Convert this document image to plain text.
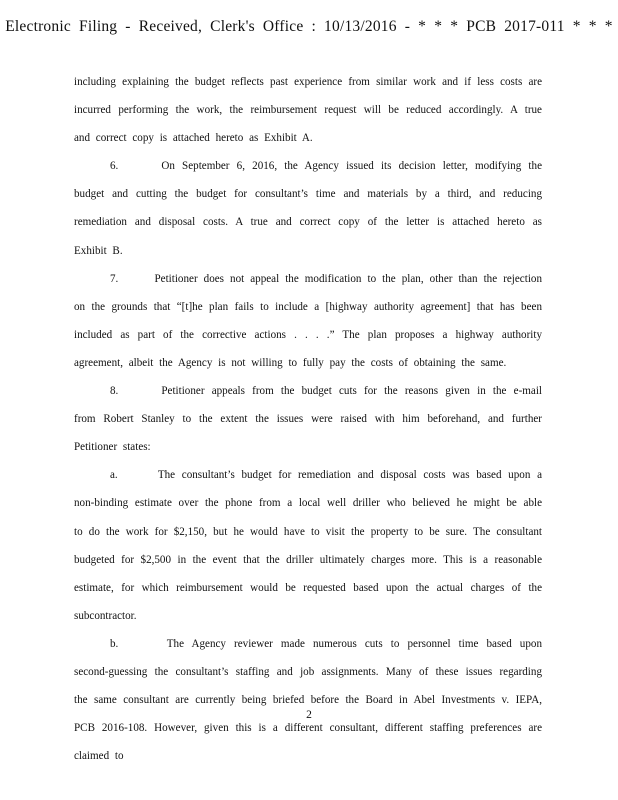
Electronic Filing - Received, Clerk's Office : 10/13/2016 - * * * PCB 2017-011 * * *

including explaining the budget reflects past experience from similar work and if less costs are incurred performing the work, the reimbursement request will be reduced accordingly. A true and correct copy is attached hereto as Exhibit A.

6.      On September 6, 2016, the Agency issued its decision letter, modifying the budget and cutting the budget for consultant’s time and materials by a third, and reducing remediation and disposal costs. A true and correct copy of the letter is attached hereto as Exhibit B.

7.      Petitioner does not appeal the modification to the plan, other than the rejection on the grounds that “[t]he plan fails to include a [highway authority agreement] that has been included as part of the corrective actions . . . .” The plan proposes a highway authority agreement, albeit the Agency is not willing to fully pay the costs of obtaining the same.

8.      Petitioner appeals from the budget cuts for the reasons given in the e-mail from Robert Stanley to the extent the issues were raised with him beforehand, and further Petitioner states:

a.      The consultant’s budget for remediation and disposal costs was based upon a non-binding estimate over the phone from a local well driller who believed he might be able to do the work for $2,150, but he would have to visit the property to be sure. The consultant budgeted for $2,500 in the event that the driller ultimately charges more. This is a reasonable estimate, for which reimbursement would be requested based upon the actual charges of the subcontractor.

b.      The Agency reviewer made numerous cuts to personnel time based upon second-guessing the consultant’s staffing and job assignments. Many of these issues regarding the same consultant are currently being briefed before the Board in Abel Investments v. IEPA, PCB 2016-108. However, given this is a different consultant, different staffing preferences are claimed to

2
